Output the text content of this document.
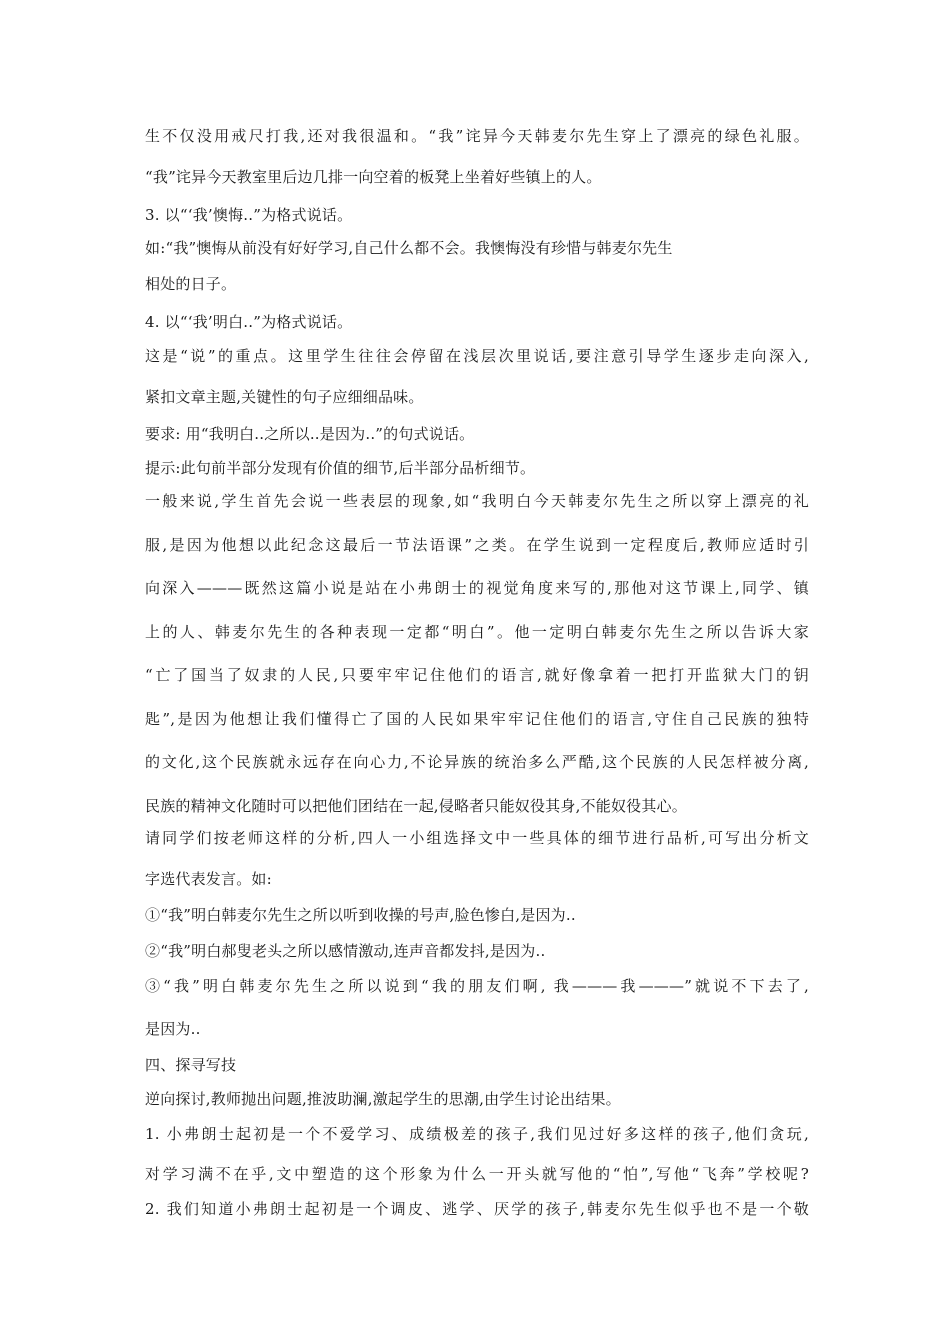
生不仅没用戒尺打我,还对我很温和。“我”诧异今天韩麦尔先生穿上了漂亮的绿色礼服。
“我”诧异今天教室里后边几排一向空着的板凳上坐着好些镇上的人。
3. 以“‘我’懊悔..”为格式说话。
如:“我”懊悔从前没有好好学习,自己什么都不会。我懊悔没有珍惜与韩麦尔先生
相处的日子。
4. 以“‘我’明白..”为格式说话。
这是“说”的重点。这里学生往往会停留在浅层次里说话,要注意引导学生逐步走向深入,
紧扣文章主题,关键性的句子应细细品味。
要求: 用“我明白..之所以..是因为..”的句式说话。
提示:此句前半部分发现有价值的细节,后半部分品析细节。
一般来说,学生首先会说一些表层的现象,如“我明白今天韩麦尔先生之所以穿上漂亮的礼
服,是因为他想以此纪念这最后一节法语课”之类。在学生说到一定程度后,教师应适时引
向深入———既然这篇小说是站在小弗朗士的视觉角度来写的,那他对这节课上,同学、镇
上的人、韩麦尔先生的各种表现一定都“明白”。他一定明白韩麦尔先生之所以告诉大家
“亡了国当了奴隶的人民,只要牢牢记住他们的语言,就好像拿着一把打开监狱大门的钥
匙”,是因为他想让我们懂得亡了国的人民如果牢牢记住他们的语言,守住自己民族的独特
的文化,这个民族就永远存在向心力,不论异族的统治多么严酷,这个民族的人民怎样被分离,
民族的精神文化随时可以把他们团结在一起,侵略者只能奴役其身,不能奴役其心。
请同学们按老师这样的分析,四人一小组选择文中一些具体的细节进行品析,可写出分析文
字选代表发言。如:
①“我”明白韩麦尔先生之所以听到收操的号声,脸色惨白,是因为..
②“我”明白郝叟老头之所以感情激动,连声音都发抖,是因为..
③“我”明白韩麦尔先生之所以说到“我的朋友们啊, 我———我———”就说不下去了,
是因为..
四、探寻写技
逆向探讨,教师抛出问题,推波助澜,激起学生的思潮,由学生讨论出结果。
1. 小弗朗士起初是一个不爱学习、成绩极差的孩子,我们见过好多这样的孩子,他们贪玩,
对学习满不在乎,文中塑造的这个形象为什么一开头就写他的“怕”,写他“飞奔”学校呢?
2. 我们知道小弗朗士起初是一个调皮、逃学、厌学的孩子,韩麦尔先生似乎也不是一个敬
